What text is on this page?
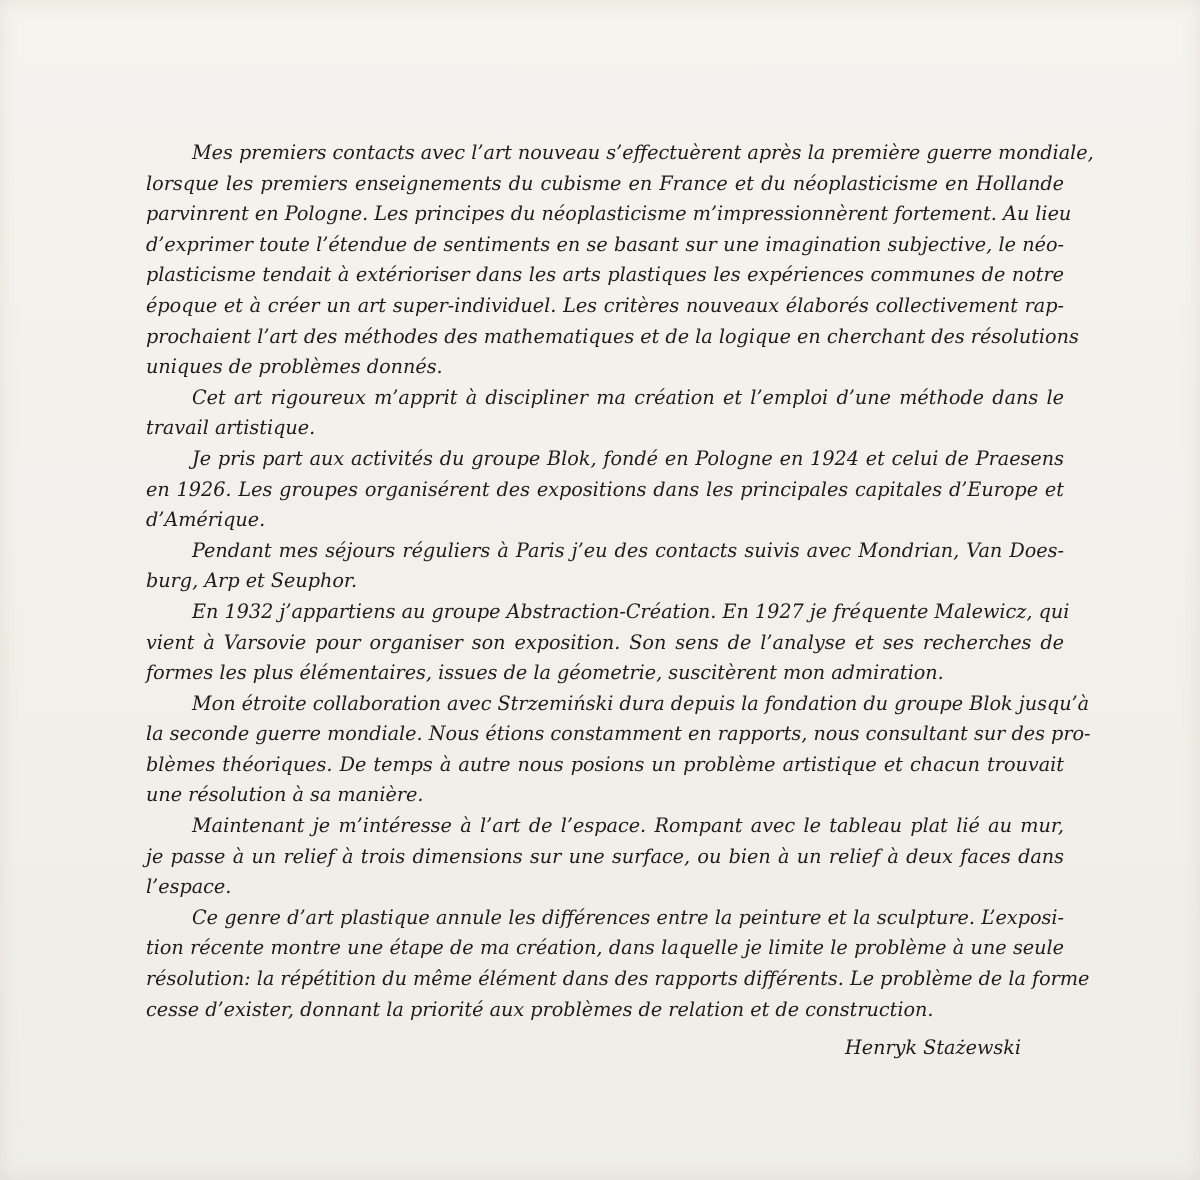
Mes premiers contacts avec l’art nouveau s’effectuèrent après la première guerre mondiale,
lorsque les premiers enseignements du cubisme en France et du néoplasticisme en Hollande
parvinrent en Pologne. Les principes du néoplasticisme m’impressionnèrent fortement. Au lieu
d’exprimer toute l’étendue de sentiments en se basant sur une imagination subjective, le néo-
plasticisme tendait à extérioriser dans les arts plastiques les expériences communes de notre
époque et à créer un art super-individuel. Les critères nouveaux élaborés collectivement rap-
prochaient l’art des méthodes des mathematiques et de la logique en cherchant des résolutions
uniques de problèmes donnés.
Cet art rigoureux m’apprit à discipliner ma création et l’emploi d’une méthode dans le
travail artistique.
Je pris part aux activités du groupe Blok, fondé en Pologne en 1924 et celui de Praesens
en 1926. Les groupes organisérent des expositions dans les principales capitales d’Europe et
d’Amérique.
Pendant mes séjours réguliers à Paris j’eu des contacts suivis avec Mondrian, Van Does-
burg, Arp et Seuphor.
En 1932 j’appartiens au groupe Abstraction-Création. En 1927 je fréquente Malewicz, qui
vient à Varsovie pour organiser son exposition. Son sens de l’analyse et ses recherches de
formes les plus élémentaires, issues de la géometrie, suscitèrent mon admiration.
Mon étroite collaboration avec Strzemiński dura depuis la fondation du groupe Blok jusqu’à
la seconde guerre mondiale. Nous étions constamment en rapports, nous consultant sur des pro-
blèmes théoriques. De temps à autre nous posions un problème artistique et chacun trouvait
une résolution à sa manière.
Maintenant je m’intéresse à l’art de l’espace. Rompant avec le tableau plat lié au mur,
je passe à un relief à trois dimensions sur une surface, ou bien à un relief à deux faces dans
l’espace.
Ce genre d’art plastique annule les différences entre la peinture et la sculpture. L’exposi-
tion récente montre une étape de ma création, dans laquelle je limite le problème à une seule
résolution: la répétition du même élément dans des rapports différents. Le problème de la forme
cesse d’exister, donnant la priorité aux problèmes de relation et de construction.
Henryk Stażewski
